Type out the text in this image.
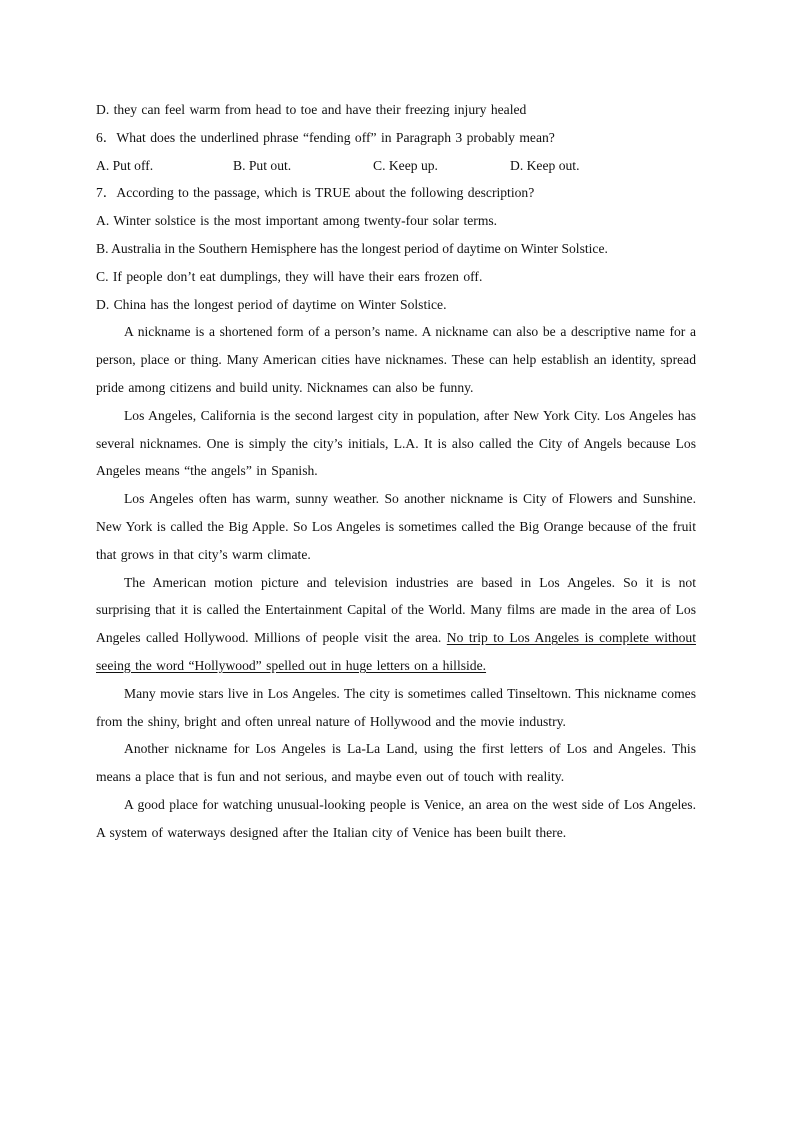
D. they can feel warm from head to toe and have their freezing injury healed
6．What does the underlined phrase “fending off” in Paragraph 3 probably mean?
A. Put off.	B. Put out.	C. Keep up.	D. Keep out.
7．According to the passage, which is TRUE about the following description?
A. Winter solstice is the most important among twenty-four solar terms.
B. Australia in the Southern Hemisphere has the longest period of daytime on Winter Solstice.
C. If people don’t eat dumplings, they will have their ears frozen off.
D. China has the longest period of daytime on Winter Solstice.
A nickname is a shortened form of a person’s name. A nickname can also be a descriptive name for a person, place or thing. Many American cities have nicknames. These can help establish an identity, spread pride among citizens and build unity. Nicknames can also be funny.
Los Angeles, California is the second largest city in population, after New York City. Los Angeles has several nicknames. One is simply the city’s initials, L.A. It is also called the City of Angels because Los Angeles means “the angels” in Spanish.
Los Angeles often has warm, sunny weather. So another nickname is City of Flowers and Sunshine. New York is called the Big Apple. So Los Angeles is sometimes called the Big Orange because of the fruit that grows in that city’s warm climate.
The American motion picture and television industries are based in Los Angeles. So it is not surprising that it is called the Entertainment Capital of the World. Many films are made in the area of Los Angeles called Hollywood. Millions of people visit the area. No trip to Los Angeles is complete without seeing the word “Hollywood” spelled out in huge letters on a hillside.
Many movie stars live in Los Angeles. The city is sometimes called Tinseltown. This nickname comes from the shiny, bright and often unreal nature of Hollywood and the movie industry.
Another nickname for Los Angeles is La-La Land, using the first letters of Los and Angeles. This means a place that is fun and not serious, and maybe even out of touch with reality.
A good place for watching unusual-looking people is Venice, an area on the west side of Los Angeles. A system of waterways designed after the Italian city of Venice has been built there.
